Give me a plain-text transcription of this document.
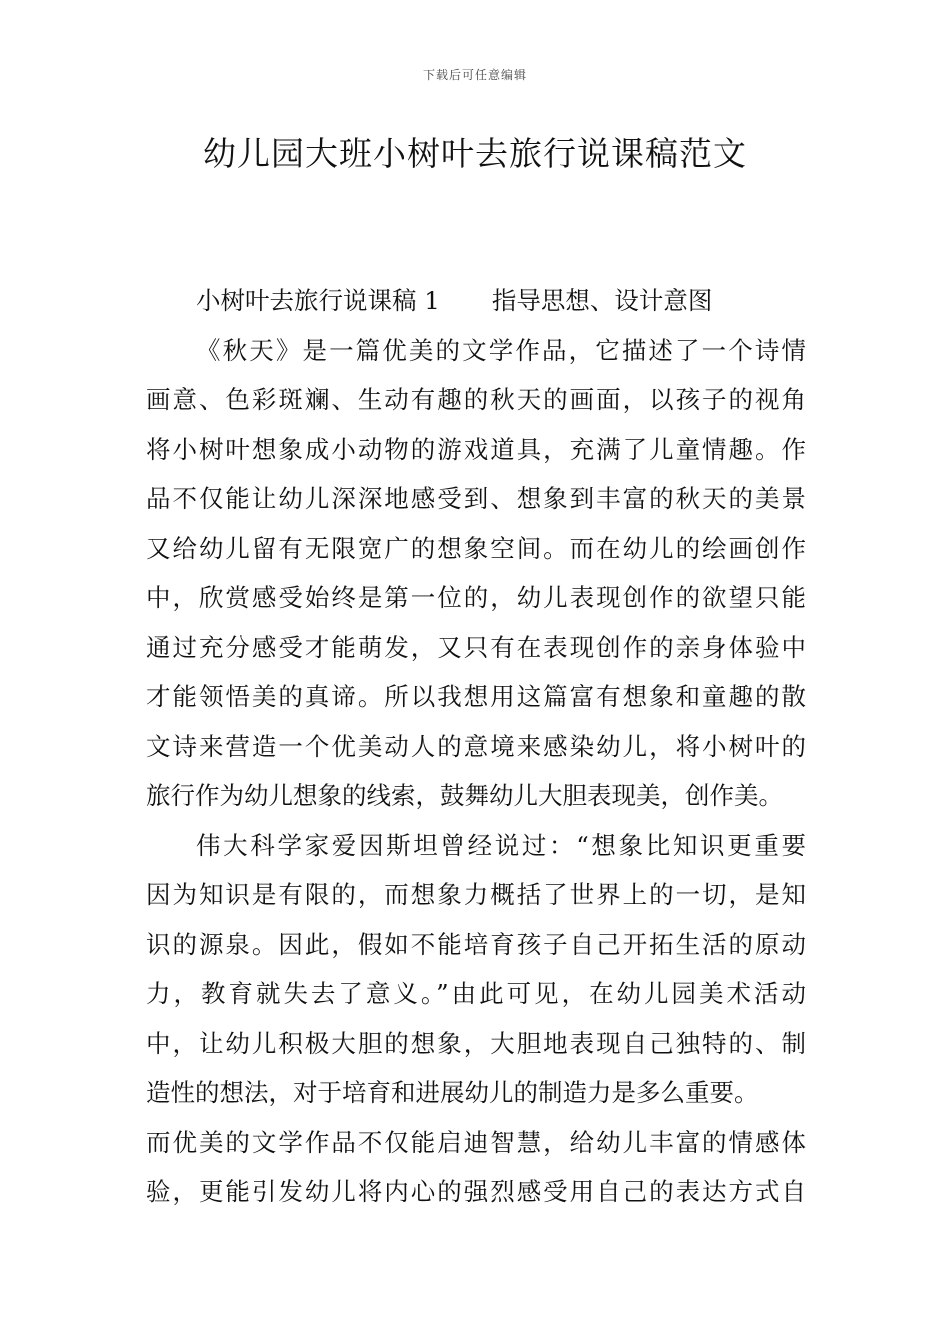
下载后可任意编辑
幼儿园大班小树叶去旅行说课稿范文
小树叶去旅行说课稿 1 指导思想、设计意图
《秋天》是一篇优美的文学作品，它描述了一个诗情
画意、色彩斑斓、生动有趣的秋天的画面，以孩子的视角
将小树叶想象成小动物的游戏道具，充满了儿童情趣。作
品不仅能让幼儿深深地感受到、想象到丰富的秋天的美景
又给幼儿留有无限宽广的想象空间。而在幼儿的绘画创作
中，欣赏感受始终是第一位的，幼儿表现创作的欲望只能
通过充分感受才能萌发，又只有在表现创作的亲身体验中
才能领悟美的真谛。所以我想用这篇富有想象和童趣的散
文诗来营造一个优美动人的意境来感染幼儿，将小树叶的
旅行作为幼儿想象的线索，鼓舞幼儿大胆表现美，创作美。
伟大科学家爱因斯坦曾经说过：“想象比知识更重要
因为知识是有限的，而想象力概括了世界上的一切，是知
识的源泉。因此，假如不能培育孩子自己开拓生活的原动
力，教育就失去了意义。”由此可见，在幼儿园美术活动
中，让幼儿积极大胆的想象，大胆地表现自己独特的、制
造性的想法，对于培育和进展幼儿的制造力是多么重要。
而优美的文学作品不仅能启迪智慧，给幼儿丰富的情感体
验，更能引发幼儿将内心的强烈感受用自己的表达方式自
